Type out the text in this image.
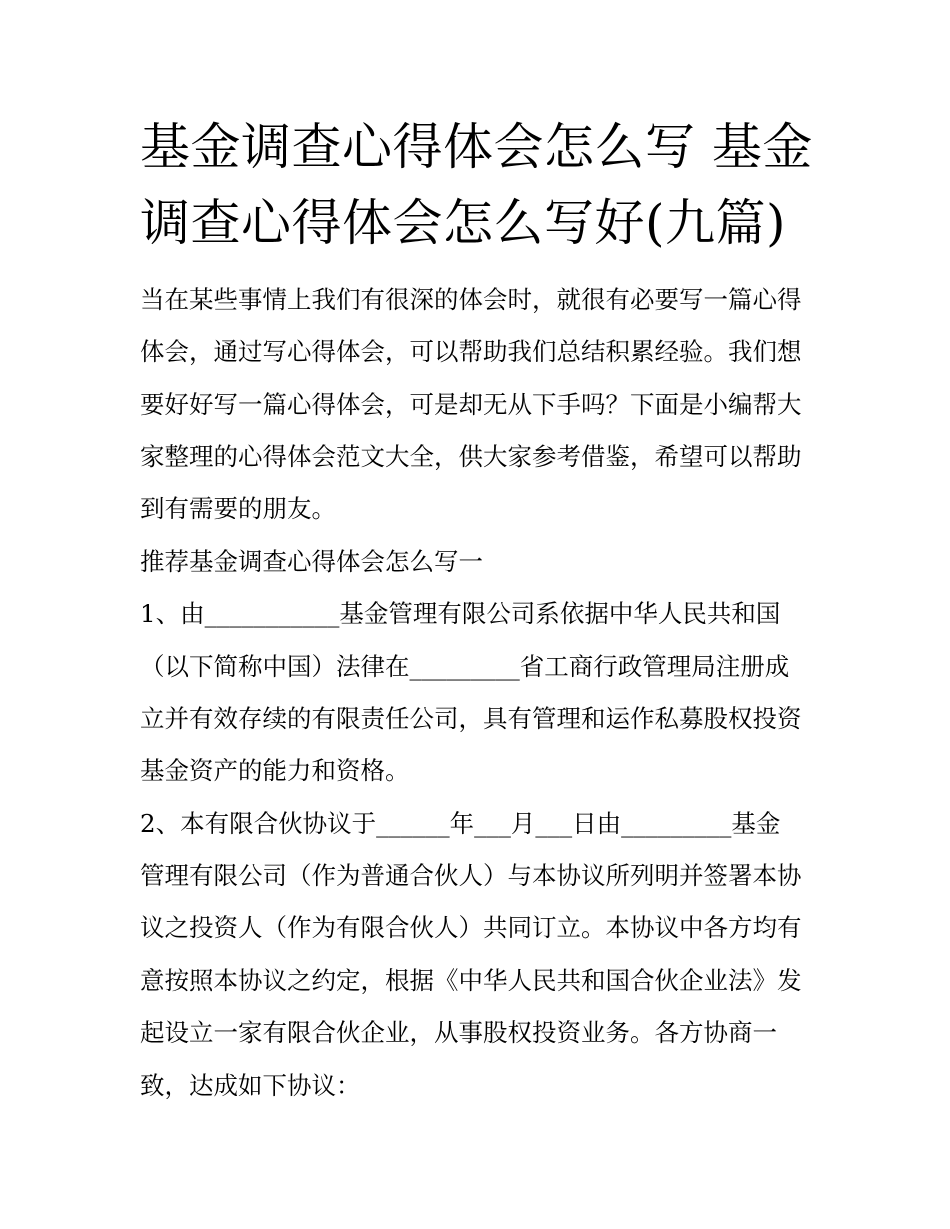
基金调查心得体会怎么写 基金
调查心得体会怎么写好(九篇)
当在某些事情上我们有很深的体会时，就很有必要写一篇心得
体会，通过写心得体会，可以帮助我们总结积累经验。我们想
要好好写一篇心得体会，可是却无从下手吗？下面是小编帮大
家整理的心得体会范文大全，供大家参考借鉴，希望可以帮助
到有需要的朋友。
推荐基金调查心得体会怎么写一
1、由___________基金管理有限公司系依据中华人民共和国
（以下简称中国）法律在_________省工商行政管理局注册成
立并有效存续的有限责任公司，具有管理和运作私募股权投资
基金资产的能力和资格。
2、本有限合伙协议于______年___月___日由_________基金
管理有限公司（作为普通合伙人）与本协议所列明并签署本协
议之投资人（作为有限合伙人）共同订立。本协议中各方均有
意按照本协议之约定，根据《中华人民共和国合伙企业法》发
起设立一家有限合伙企业，从事股权投资业务。各方协商一
致，达成如下协议：
